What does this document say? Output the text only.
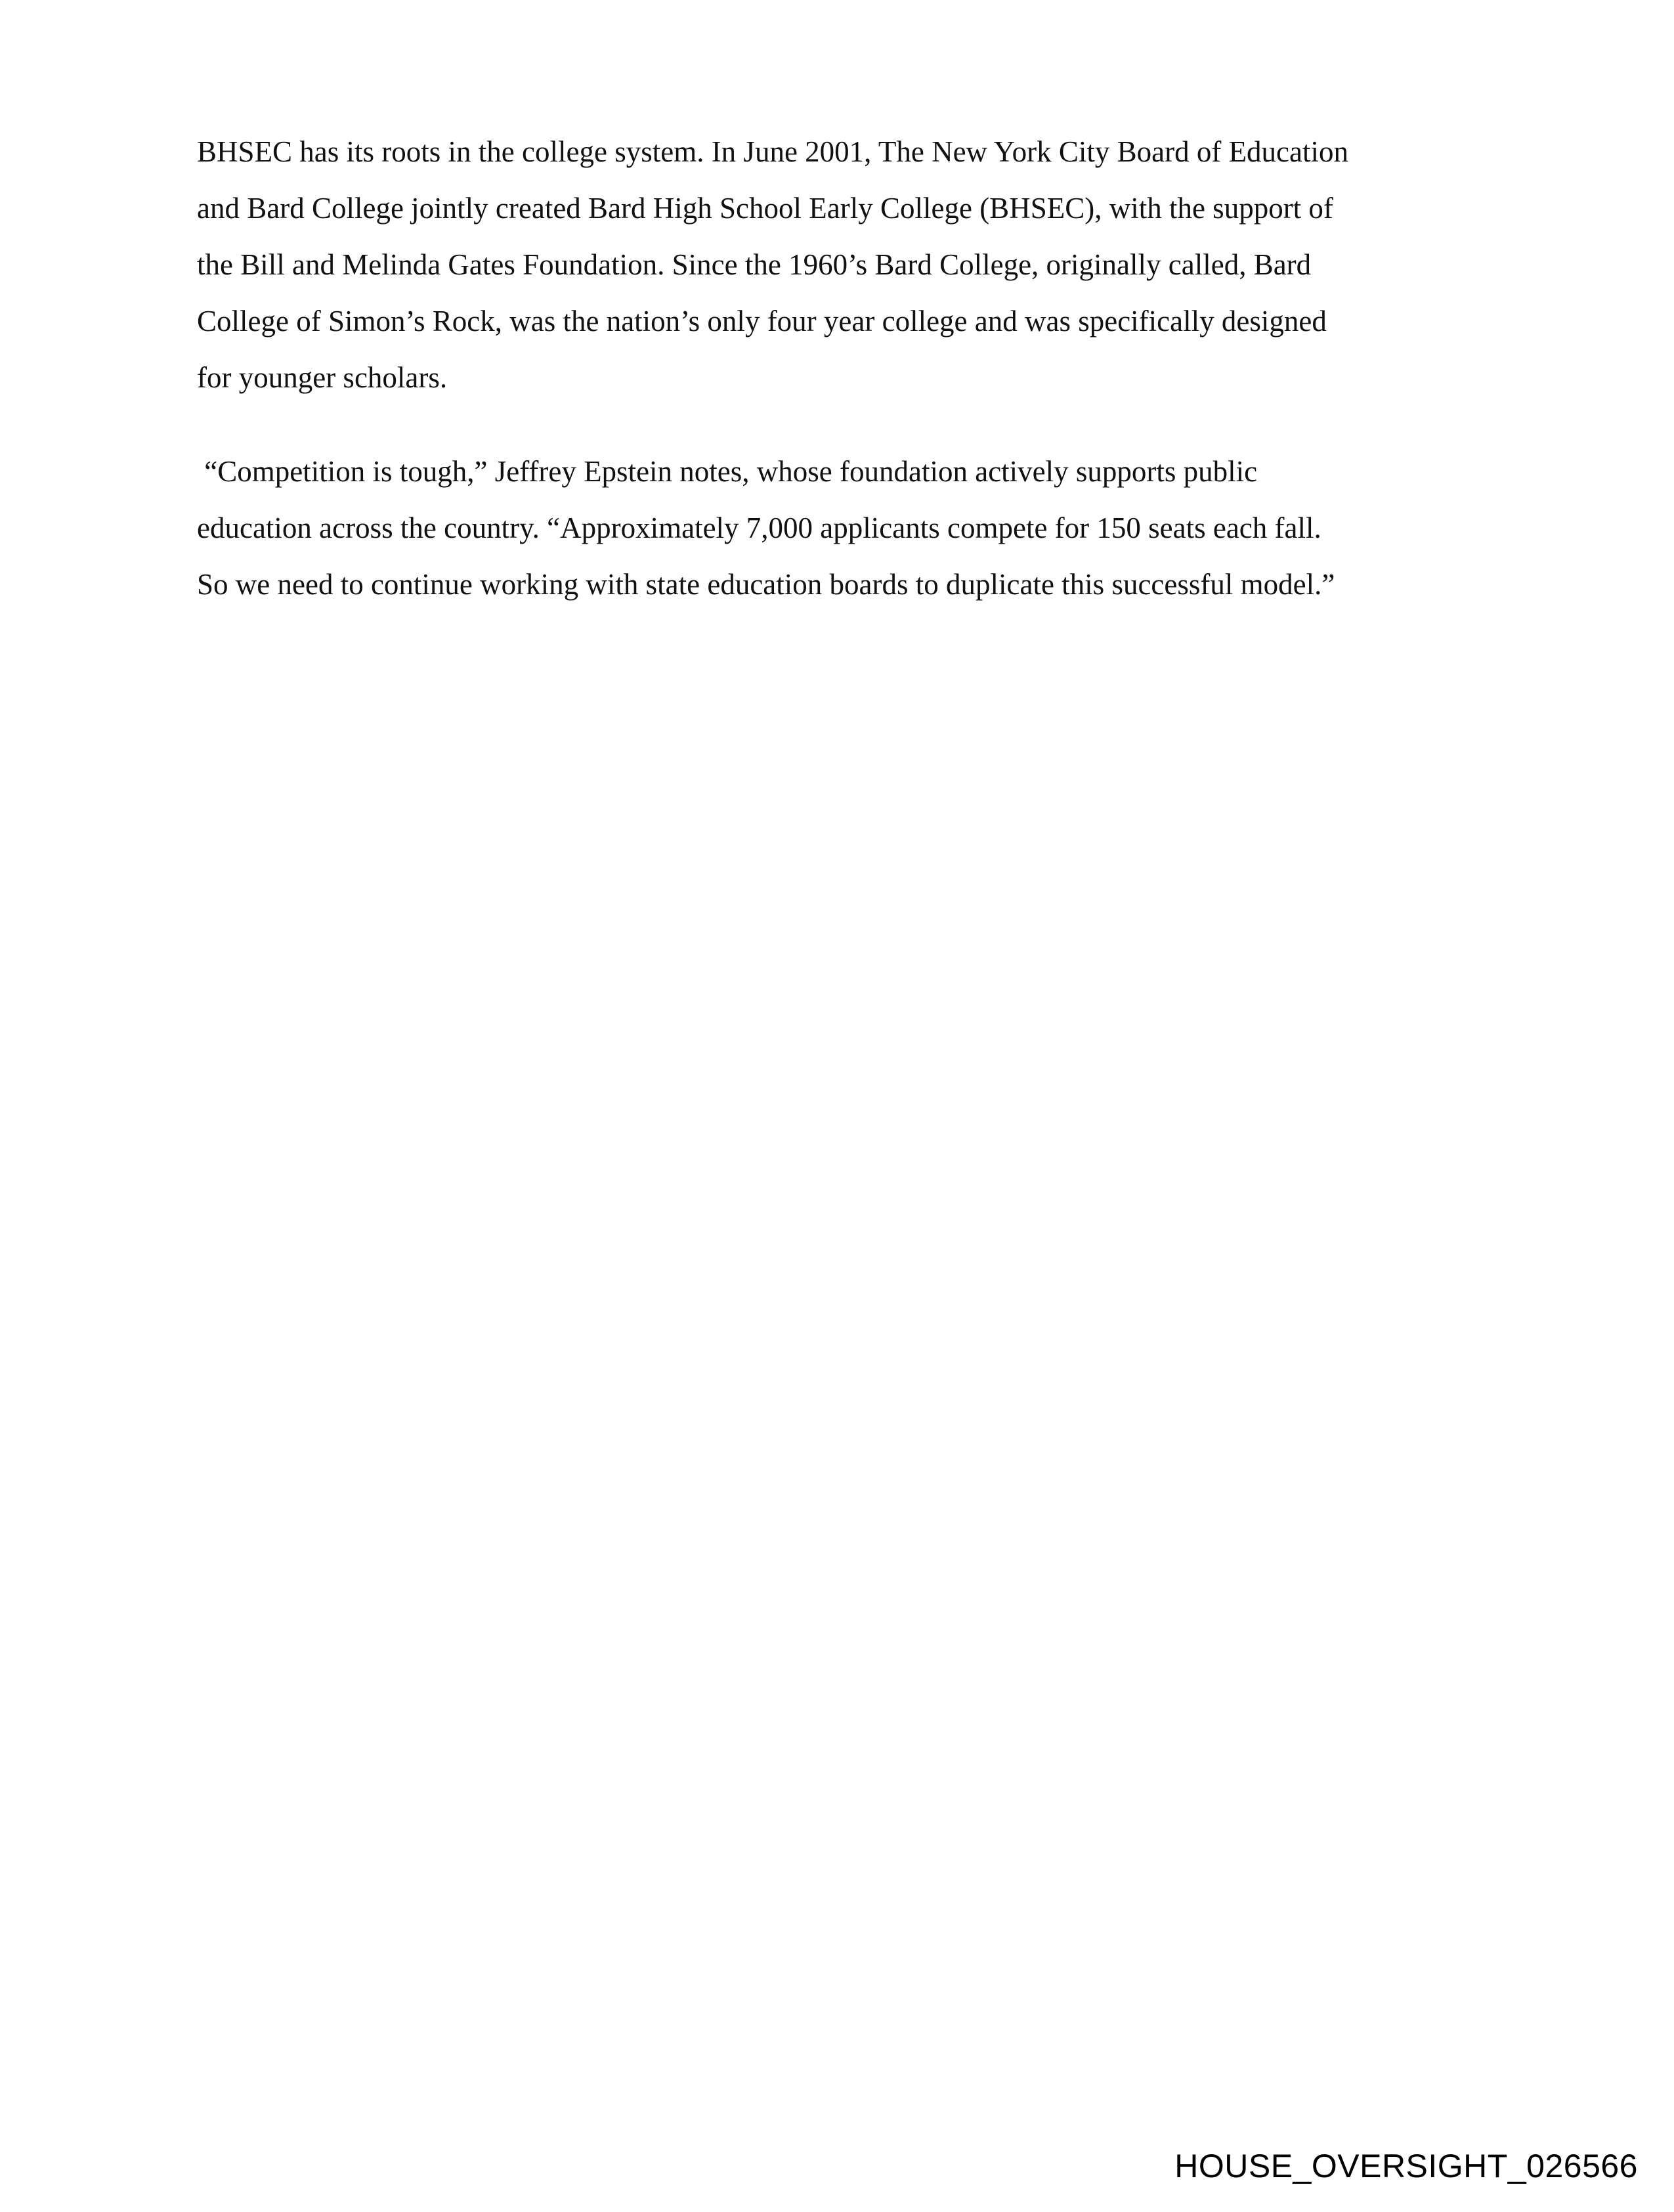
BHSEC has its roots in the college system. In June 2001, The New York City Board of Education
and Bard College jointly created Bard High School Early College (BHSEC), with the support of
the Bill and Melinda Gates Foundation. Since the 1960’s Bard College, originally called, Bard
College of Simon’s Rock, was the nation’s only four year college and was specifically designed
for younger scholars.
“Competition is tough,” Jeffrey Epstein notes, whose foundation actively supports public
education across the country. “Approximately 7,000 applicants compete for 150 seats each fall.
So we need to continue working with state education boards to duplicate this successful model.”
HOUSE_OVERSIGHT_026566
